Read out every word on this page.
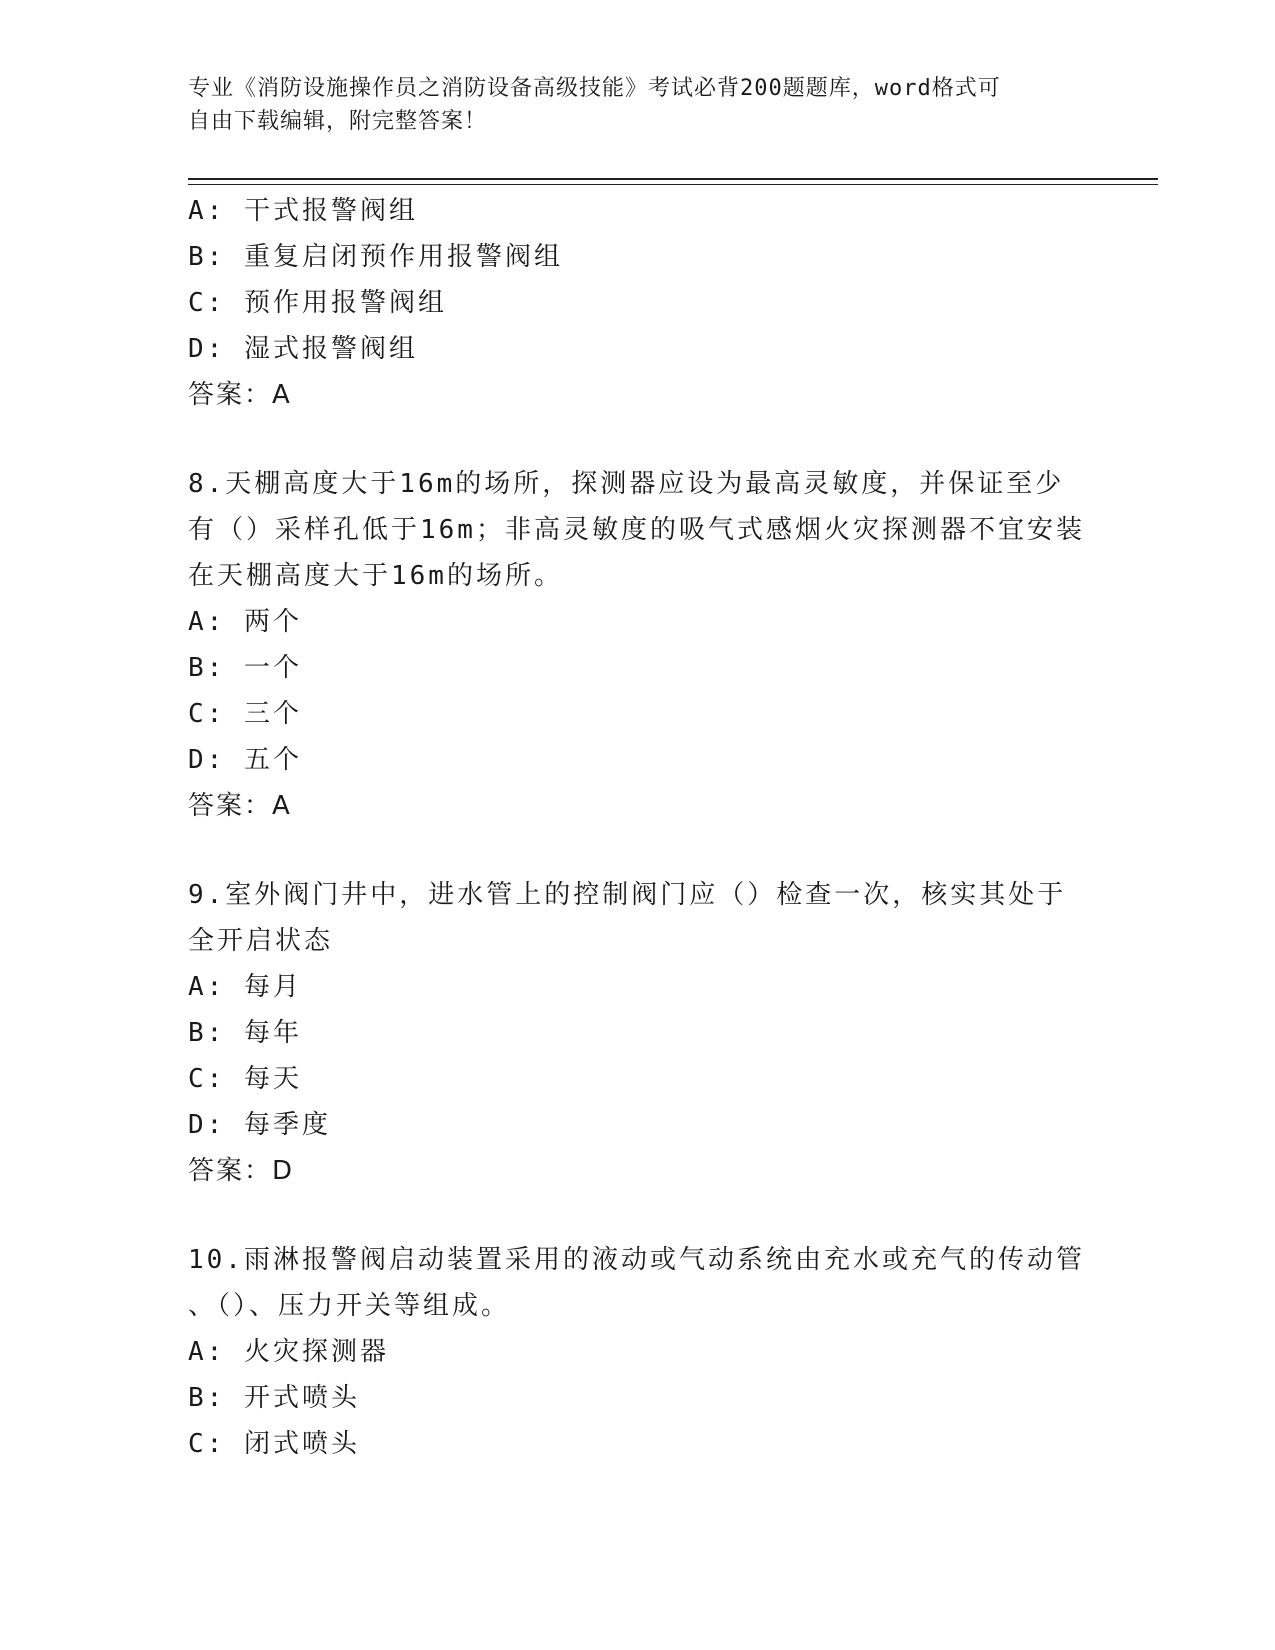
专业《消防设施操作员之消防设备高级技能》考试必背200题题库，word格式可
自由下载编辑，附完整答案！
A: 干式报警阀组
B: 重复启闭预作用报警阀组
C: 预作用报警阀组
D: 湿式报警阀组
答案：A
8.天棚高度大于16m的场所，探测器应设为最高灵敏度，并保证至少
有（）采样孔低于16m；非高灵敏度的吸气式感烟火灾探测器不宜安装
在天棚高度大于16m的场所。
A: 两个
B: 一个
C: 三个
D: 五个
答案：A
9.室外阀门井中，进水管上的控制阀门应（）检查一次，核实其处于
全开启状态
A: 每月
B: 每年
C: 每天
D: 每季度
答案：D
10.雨淋报警阀启动装置采用的液动或气动系统由充水或充气的传动管
、（）、压力开关等组成。
A: 火灾探测器
B: 开式喷头
C: 闭式喷头
